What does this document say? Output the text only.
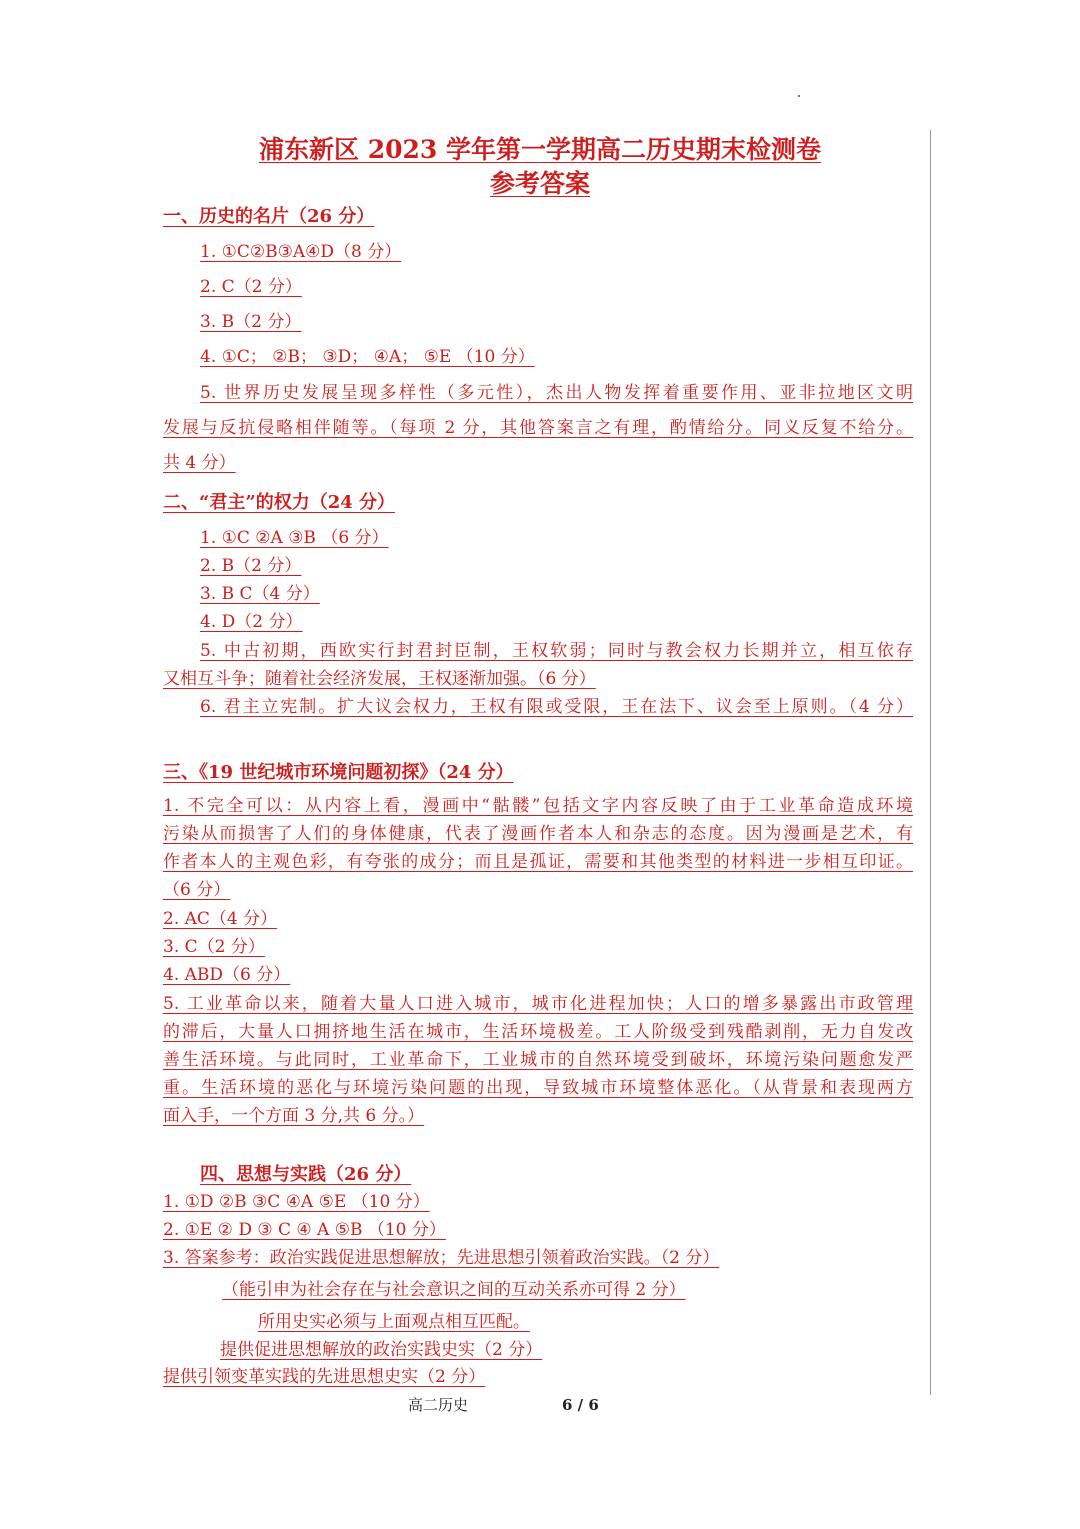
浦东新区 2023 学年第一学期高二历史期末检测卷
参考答案

一、历史的名片（26 分）

1. ①C②B③A④D（8 分）

2. C（2 分）

3. B（2 分）

4. ①C； ②B； ③D； ④A； ⑤E （10 分）

5. 世界历史发展呈现多样性（多元性），杰出人物发挥着重要作用、亚非拉地区文明

发展与反抗侵略相伴随等。（每项 2 分，其他答案言之有理，酌情给分。同义反复不给分。

共 4 分）

二、“君主”的权力（24 分）

1. ①C ②A ③B （6 分）

2. B（2 分）

3. B C（4 分）

4. D（2 分）

5. 中古初期，西欧实行封君封臣制，王权软弱；同时与教会权力长期并立，相互依存

又相互斗争；随着社会经济发展，王权逐渐加强。（6 分）

6. 君主立宪制。扩大议会权力，王权有限或受限，王在法下、议会至上原则。（4 分）

三、《19 世纪城市环境问题初探》（24 分）

1. 不完全可以：从内容上看，漫画中“骷髅”包括文字内容反映了由于工业革命造成环境

污染从而损害了人们的身体健康，代表了漫画作者本人和杂志的态度。因为漫画是艺术，有

作者本人的主观色彩，有夸张的成分；而且是孤证，需要和其他类型的材料进一步相互印证。

（6 分）

2. AC（4 分）

3. C（2 分）

4. ABD（6 分）

5. 工业革命以来，随着大量人口进入城市，城市化进程加快；人口的增多暴露出市政管理

的滞后，大量人口拥挤地生活在城市，生活环境极差。工人阶级受到残酷剥削，无力自发改

善生活环境。与此同时，工业革命下，工业城市的自然环境受到破坏，环境污染问题愈发严

重。生活环境的恶化与环境污染问题的出现，导致城市环境整体恶化。（从背景和表现两方

面入手，一个方面 3 分,共 6 分。）

四、思想与实践（26 分）

1. ①D ②B ③C ④A ⑤E （10 分）

2. ①E ② D ③ C ④ A ⑤B （10 分）

3. 答案参考：政治实践促进思想解放；先进思想引领着政治实践。（2 分）

（能引申为社会存在与社会意识之间的互动关系亦可得 2 分）

所用史实必须与上面观点相互匹配。

提供促进思想解放的政治实践史实（2 分）

提供引领变革实践的先进思想史实（2 分）

高二历史	6 / 6
